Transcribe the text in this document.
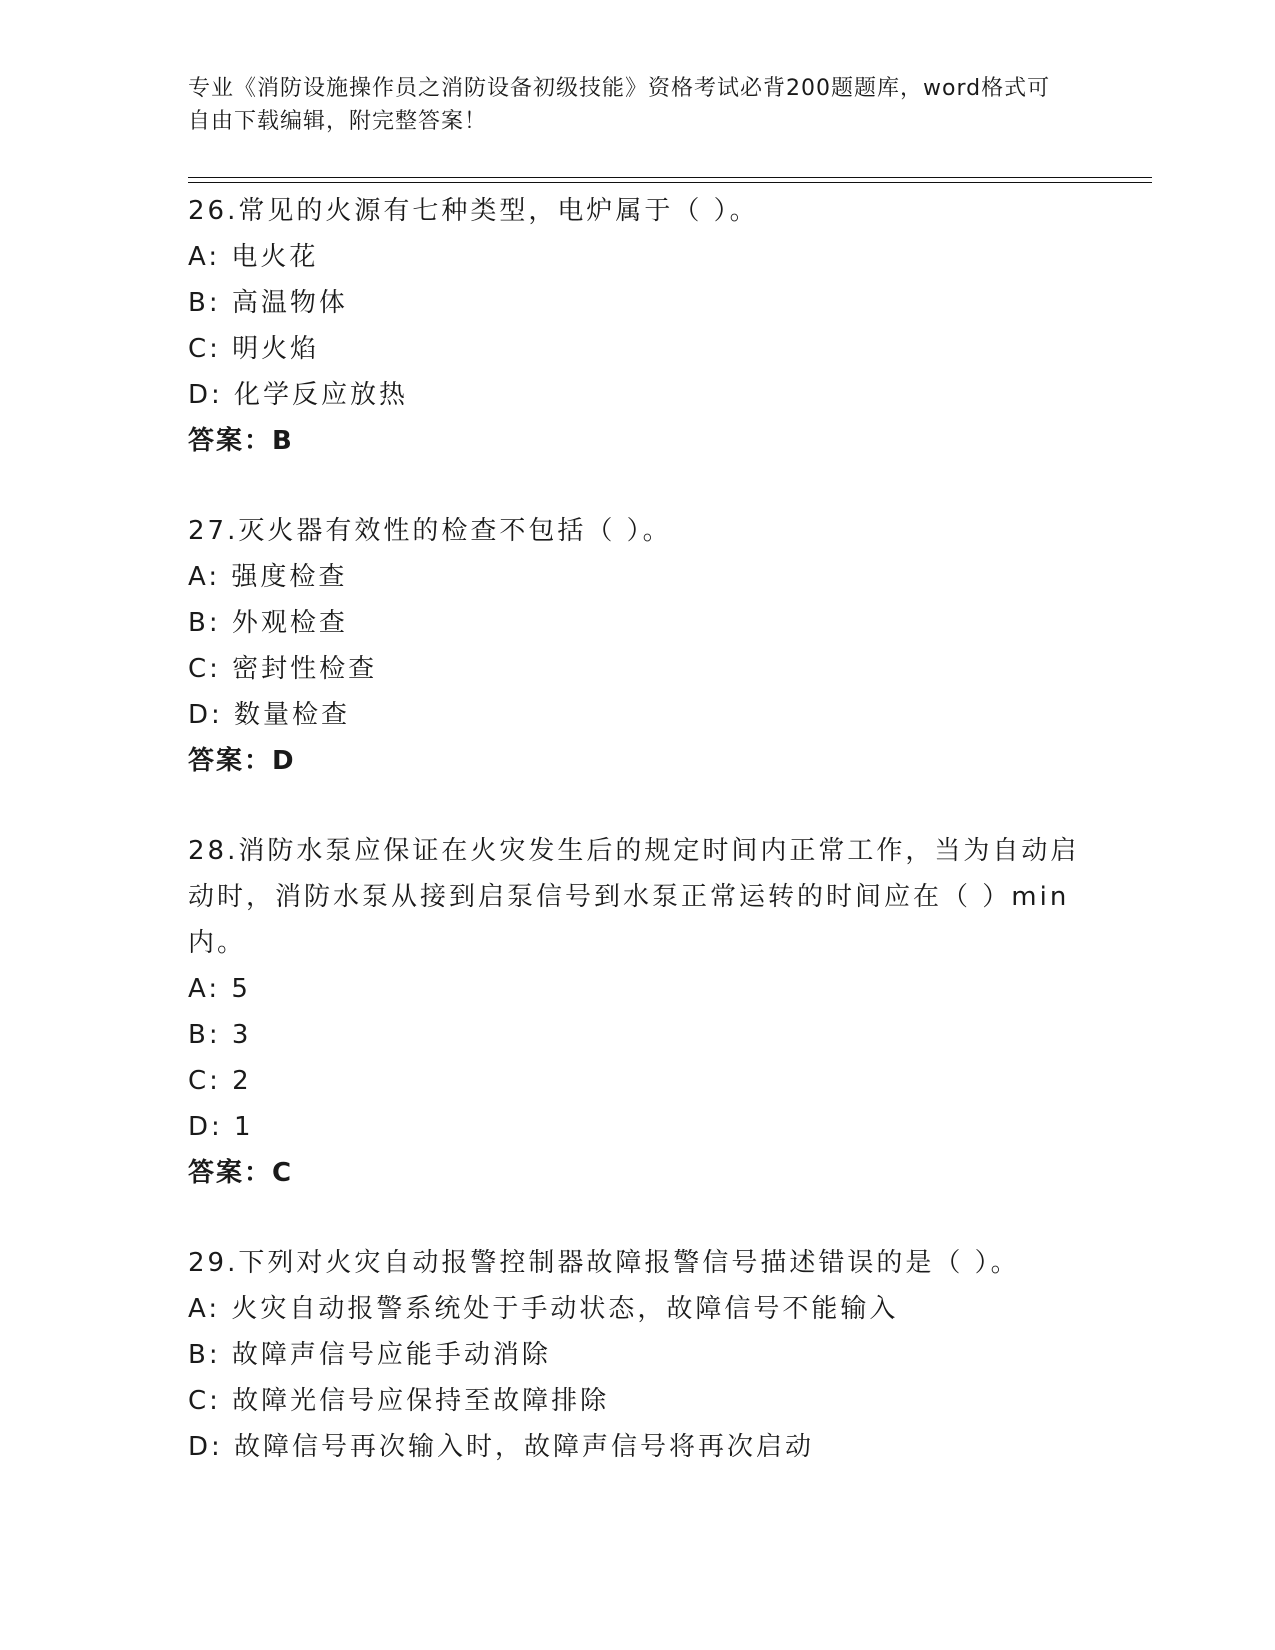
专业《消防设施操作员之消防设备初级技能》资格考试必背200题题库，word格式可自由下载编辑，附完整答案！
26.常见的火源有七种类型，电炉属于（ ）。
A: 电火花
B: 高温物体
C: 明火焰
D: 化学反应放热
答案：B
27.灭火器有效性的检查不包括（ ）。
A: 强度检查
B: 外观检查
C: 密封性检查
D: 数量检查
答案：D
28.消防水泵应保证在火灾发生后的规定时间内正常工作，当为自动启动时，消防水泵从接到启泵信号到水泵正常运转的时间应在（ ）min内。
A: 5
B: 3
C: 2
D: 1
答案：C
29.下列对火灾自动报警控制器故障报警信号描述错误的是（ ）。
A: 火灾自动报警系统处于手动状态，故障信号不能输入
B: 故障声信号应能手动消除
C: 故障光信号应保持至故障排除
D: 故障信号再次输入时，故障声信号将再次启动
